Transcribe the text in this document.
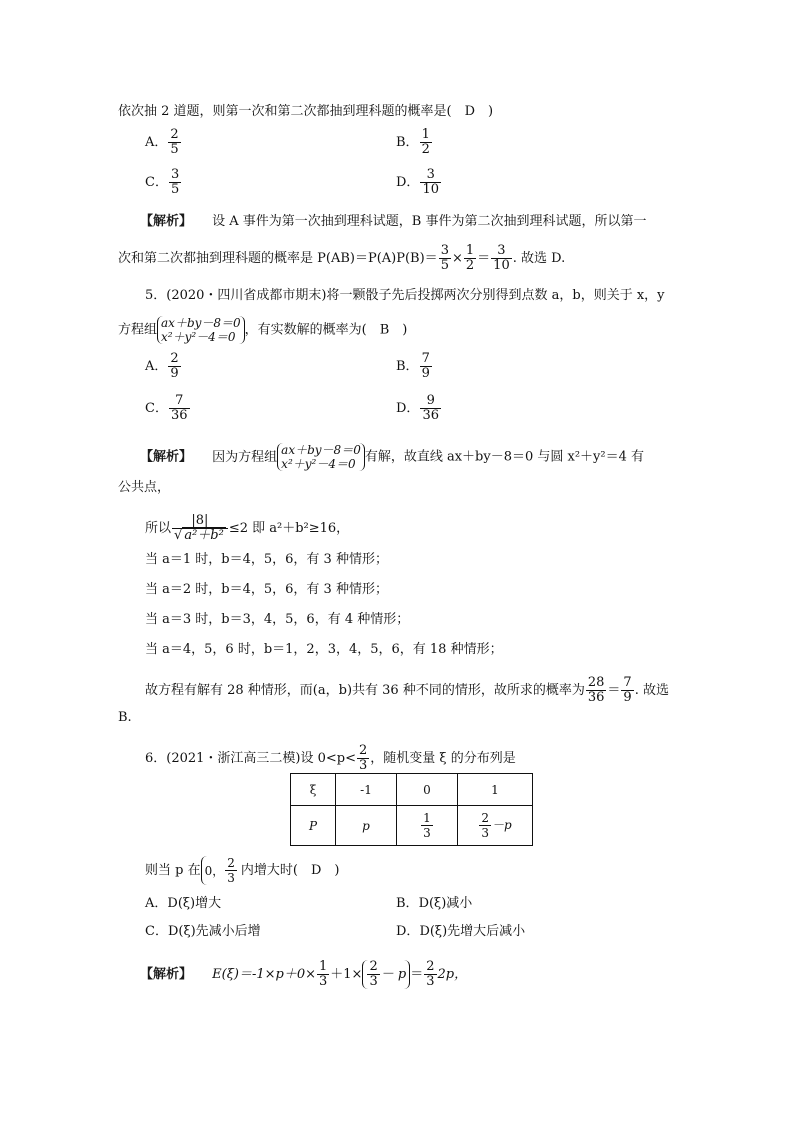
依次抽 2 道题，则第一次和第二次都抽到理科题的概率是(　D　)
A． $\frac{2}{5}$	B． $\frac{1}{2}$
C． $\frac{3}{5}$	D． $\frac{3}{10}$
【解析】 设 A 事件为第一次抽到理科试题，B 事件为第二次抽到理科试题，所以第一
次和第二次都抽到理科题的概率是 $P(AB)=P(A)P(B)= \frac{3}{5} \times \frac{1}{2} = \frac{3}{10}$ . 故选 D.
5．(2020・四川省成都市期末)将一颗骰子先后投掷两次分别得到点数 a，b，则关于 x，y
方程组 ax＋by－8＝0
x²＋y²－4＝0 ，有实数解的概率为(　B　)
A． $\frac{2}{9}$	B． $\frac{7}{9}$
C． $\frac{7}{36}$	D． $\frac{9}{36}$
【解析】 因为方程组 ax＋by－8＝0
x²＋y²－4＝0 有解，故直线 ax＋by－8＝0 与圆 x²＋y²＝4 有
公共点，
所以 $\frac{|8|}{\text{√ a²＋b²}} \le 2$ 即 a²＋b²≥16，
当 a＝1 时，b＝4，5，6，有 3 种情形；
当 a＝2 时，b＝4，5，6，有 3 种情形；
当 a＝3 时，b＝3，4，5，6，有 4 种情形；
当 a＝4，5，6 时，b＝1，2，3，4，5，6，有 18 种情形；
故方程有解有 28 种情形，而(a，b)共有 36 种不同的情形，故所求的概率为 $\frac{28}{36} = \frac{7}{9}$ . 故选
B.
6．(2021・浙江高三二模)设 $0<p< \frac{2}{3}$ ，随机变量 ξ 的分布列是
ξ	-1	0	1
P	p	$\frac{1}{3}$	$\frac{2}{3} -p$
则当 p 在 0， $\frac{2}{3}$ 内增大时(　D　)
A．D(ξ)增大	B．D(ξ)减小
C．D(ξ)先减小后增	D．D(ξ)先增大后减小
【解析】 $E(\xi)=-1\times p+0\times \frac{1}{3} +1\times \frac{2}{3} - p = \frac{2}{3} 2p$，
